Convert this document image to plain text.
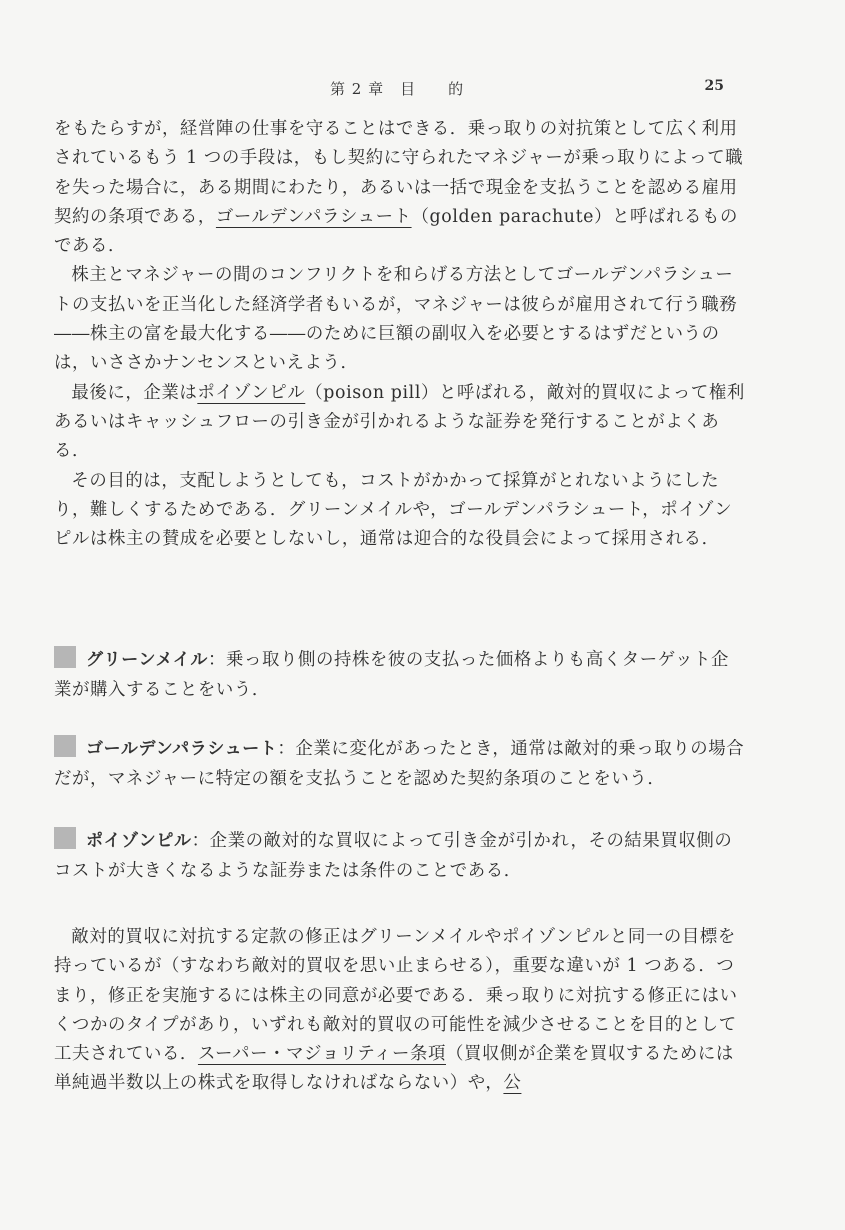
第 2 章　目　　的	25

をもたらすが，経営陣の仕事を守ることはできる．乗っ取りの対抗策として広く利用されているもう 1 つの手段は，もし契約に守られたマネジャーが乗っ取りによって職を失った場合に，ある期間にわたり，あるいは一括で現金を支払うことを認める雇用契約の条項である，ゴールデンパラシュート（golden parachute）と呼ばれるものである．

株主とマネジャーの間のコンフリクトを和らげる方法としてゴールデンパラシュートの支払いを正当化した経済学者もいるが，マネジャーは彼らが雇用されて行う職務――株主の富を最大化する――のために巨額の副収入を必要とするはずだというのは，いささかナンセンスといえよう．

最後に，企業はポイゾンピル（poison pill）と呼ばれる，敵対的買収によって権利あるいはキャッシュフローの引き金が引かれるような証券を発行することがよくある．

その目的は，支配しようとしても，コストがかかって採算がとれないようにしたり，難しくするためである．グリーンメイルや，ゴールデンパラシュート，ポイゾンピルは株主の賛成を必要としないし，通常は迎合的な役員会によって採用される．

グリーンメイル：乗っ取り側の持株を彼の支払った価格よりも高くターゲット企業が購入することをいう．
ゴールデンパラシュート：企業に変化があったとき，通常は敵対的乗っ取りの場合だが，マネジャーに特定の額を支払うことを認めた契約条項のことをいう．
ポイゾンピル：企業の敵対的な買収によって引き金が引かれ，その結果買収側のコストが大きくなるような証券または条件のことである．

敵対的買収に対抗する定款の修正はグリーンメイルやポイゾンピルと同一の目標を持っているが（すなわち敵対的買収を思い止まらせる），重要な違いが 1 つある．つまり，修正を実施するには株主の同意が必要である．乗っ取りに対抗する修正にはいくつかのタイプがあり，いずれも敵対的買収の可能性を減少させることを目的として工夫されている．スーパー・マジョリティー条項（買収側が企業を買収するためには単純過半数以上の株式を取得しなければならない）や，公
